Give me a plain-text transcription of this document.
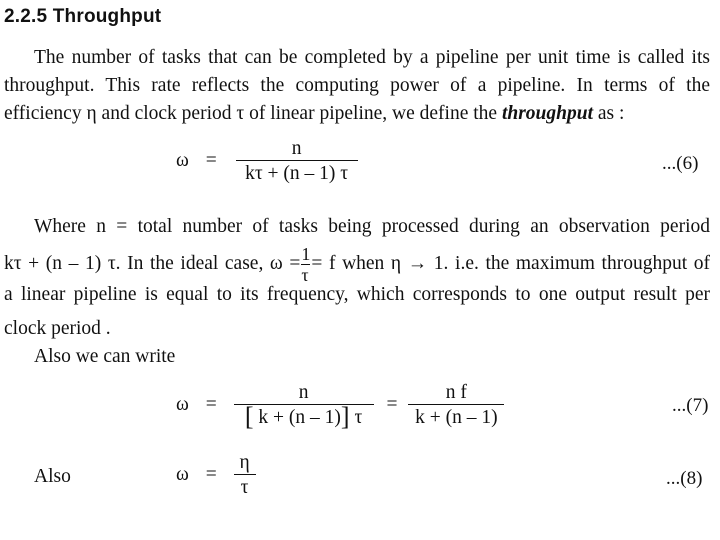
2.2.5 Throughput
The number of tasks that can be completed by a pipeline per unit time is called its
throughput. This rate reflects the computing power of a pipeline. In terms of the
efficiency η and clock period τ of linear pipeline, we define the throughput as :
$\omega = \frac{n}{k\tau + (n - 1) \tau}$	...(6)
Where n = total number of tasks being processed during an observation period
kτ + (n – 1) τ. In the ideal case, $\omega = \frac{1}{\tau} = f$ when η → 1. i.e. the maximum throughput of
a linear pipeline is equal to its frequency, which corresponds to one output result per
clock period .
Also we can write
$\omega = \frac{n}{[ k + (n - 1)] \tau} = \frac{\text{n f}}{k + (n - 1)}$	...(7)
Also	$\omega = \frac{\eta}{\tau}$	...(8)
